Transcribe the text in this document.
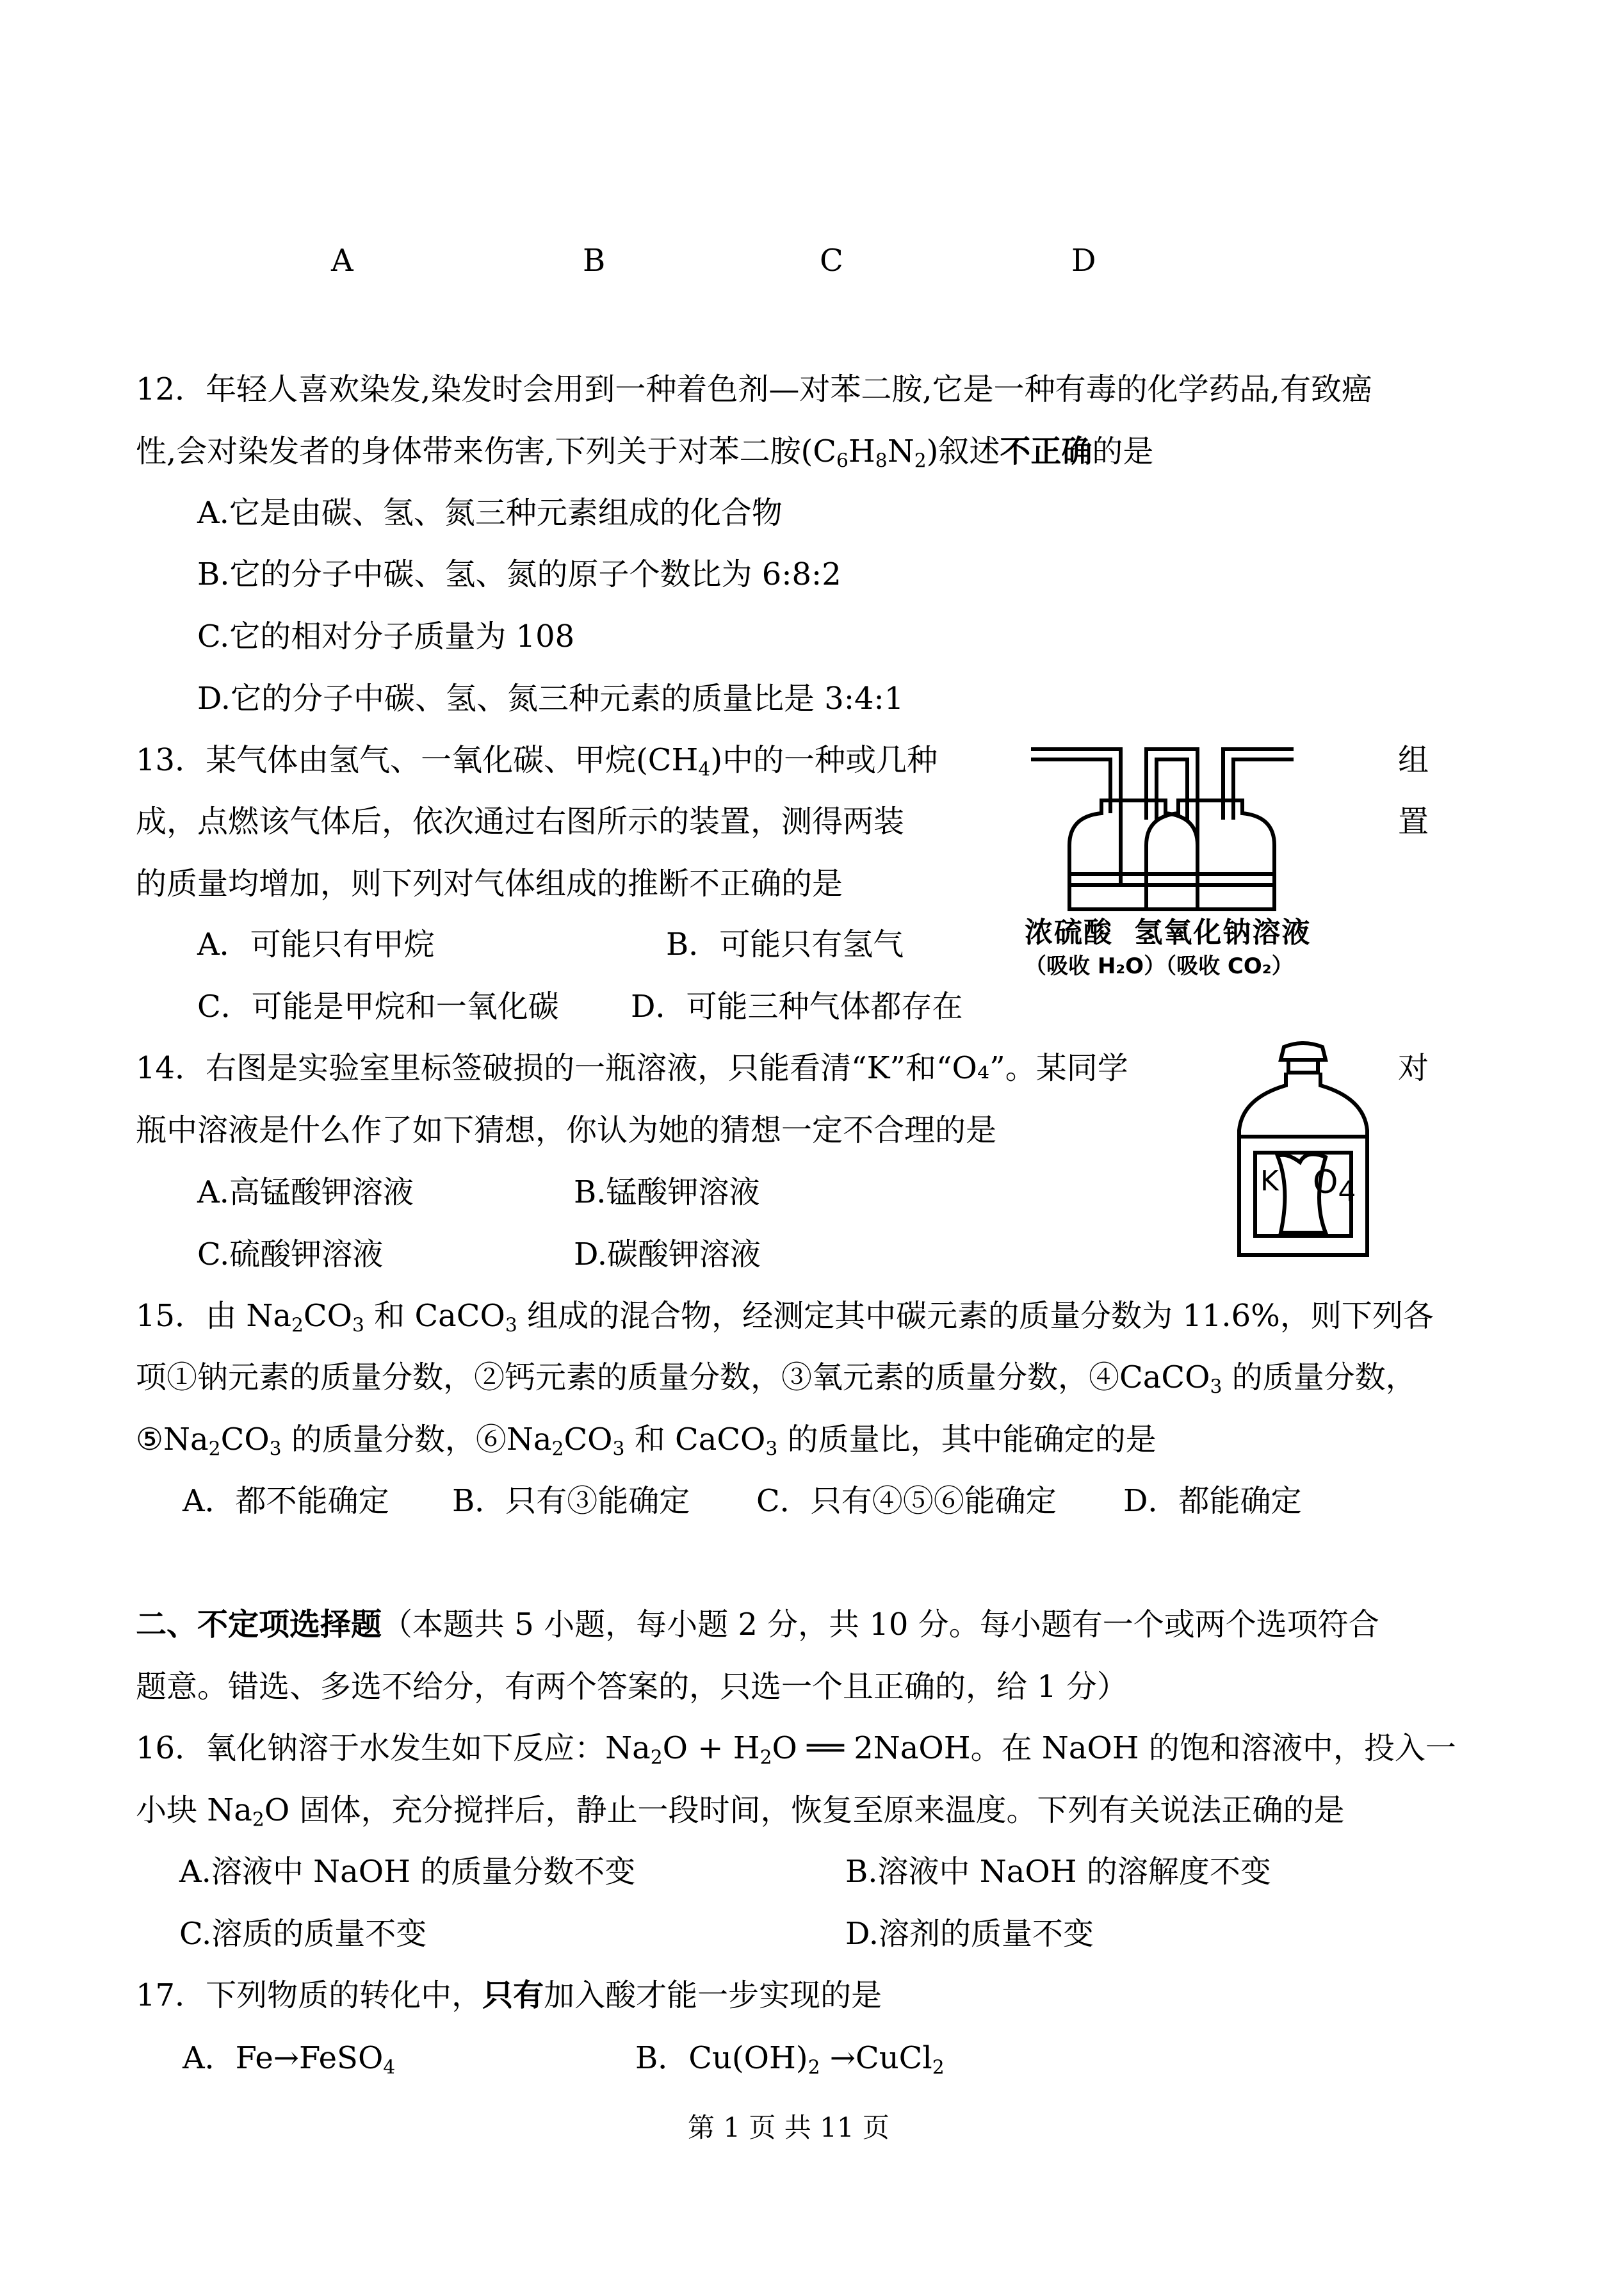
A	B	C	D
12．年轻人喜欢染发,染发时会用到一种着色剂—对苯二胺,它是一种有毒的化学药品,有致癌
性,会对染发者的身体带来伤害,下列关于对苯二胺$(C_6H_8N_2)$叙述不正确的是
A.它是由碳、氢、氮三种元素组成的化合物
B.它的分子中碳、氢、氮的原子个数比为 6:8:2
C.它的相对分子质量为 108
D.它的分子中碳、氢、氮三种元素的质量比是 3:4:1
13．某气体由氢气、一氧化碳、甲烷$(CH_4)$中的一种或几种	组
成，点燃该气体后，依次通过右图所示的装置，测得两装	置
的质量均增加，则下列对气体组成的推断不正确的是
A．可能只有甲烷	B．可能只有氢气
C．可能是甲烷和一氧化碳 D．可能三种气体都存在
浓硫酸 氢氧化钠溶液
（吸收 H₂O）（吸收 CO₂）
14．右图是实验室里标签破损的一瓶溶液，只能看清“K”和“O₄”。某同学	对
瓶中溶液是什么作了如下猜想，你认为她的猜想一定不合理的是
A.高锰酸钾溶液	B.锰酸钾溶液
C.硫酸钾溶液	D.碳酸钾溶液
K $O_4$
15．由 $Na_2CO_3$ 和 CaCO$_3$ 组成的混合物，经测定其中碳元素的质量分数为 11.6%，则下列各
项①钠元素的质量分数，②钙元素的质量分数，③氧元素的质量分数，④CaCO$_3$ 的质量分数，
$⑤Na_2CO_3$ 的质量分数，$⑥Na_2CO_3$ 和 CaCO$_3$ 的质量比，其中能确定的是
A．都不能确定 B．只有③能确定 C．只有④⑤⑥能确定 D．都能确定
二、不定项选择题（本题共 5 小题，每小题 2 分，共 10 分。每小题有一个或两个选项符合
题意。错选、多选不给分，有两个答案的，只选一个且正确的，给 1 分）
16．氧化钠溶于水发生如下反应：$Na_2O + H_2O$ ══ 2NaOH。在 NaOH 的饱和溶液中，投入一
小块 $Na_2O$ 固体，充分搅拌后，静止一段时间，恢复至原来温度。下列有关说法正确的是
A.溶液中 NaOH 的质量分数不变	B.溶液中 NaOH 的溶解度不变
C.溶质的质量不变	D.溶剂的质量不变
17．下列物质的转化中，只有加入酸才能一步实现的是
A．Fe→FeSO$_4$	B．$Cu(OH)_2$ →CuCl$_2$
第 1 页 共 11 页
